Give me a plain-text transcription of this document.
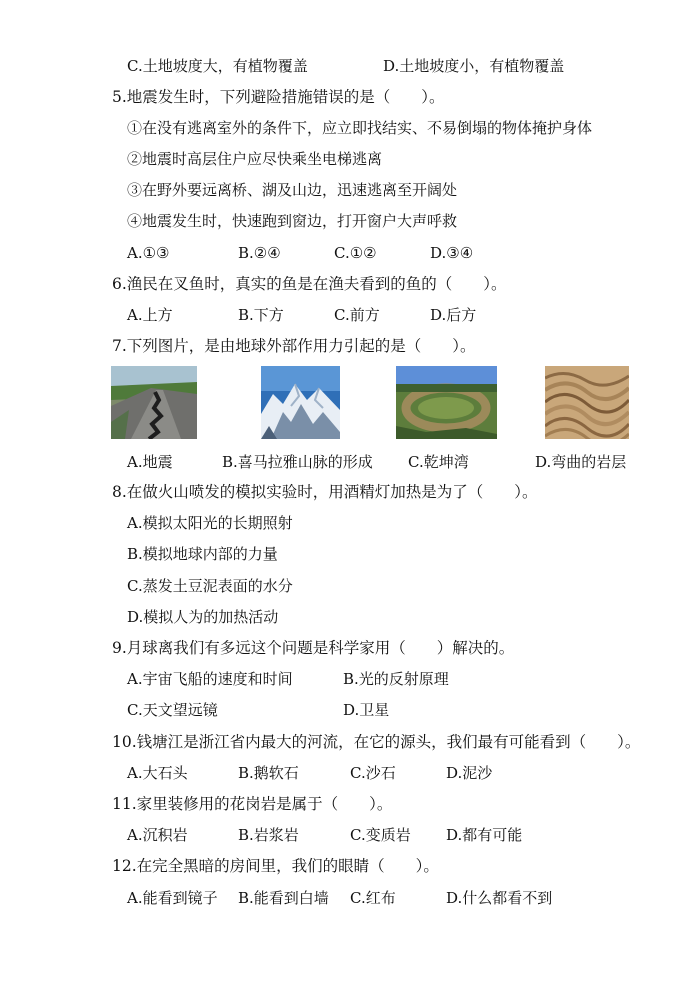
C.土地坡度大，有植物覆盖	D.土地坡度小，有植物覆盖
5.地震发生时，下列避险措施错误的是（　　）。
①在没有逃离室外的条件下，应立即找结实、不易倒塌的物体掩护身体
②地震时高层住户应尽快乘坐电梯逃离
③在野外要远离桥、湖及山边，迅速逃离至开阔处
④地震发生时，快速跑到窗边，打开窗户大声呼救
A.①③	B.②④	C.①②	D.③④
6.渔民在叉鱼时，真实的鱼是在渔夫看到的鱼的（　　）。
A.上方	B.下方	C.前方	D.后方
7.下列图片，是由地球外部作用力引起的是（　　）。
A.地震	B.喜马拉雅山脉的形成 C.乾坤湾	D.弯曲的岩层
8.在做火山喷发的模拟实验时，用酒精灯加热是为了（　　）。
A.模拟太阳光的长期照射
B.模拟地球内部的力量
C.蒸发土豆泥表面的水分
D.模拟人为的加热活动
9.月球离我们有多远这个问题是科学家用（　　）解决的。
A.宇宙飞船的速度和时间	B.光的反射原理
C.天文望远镜	D.卫星
10.钱塘江是浙江省内最大的河流，在它的源头，我们最有可能看到（　　）。
A.大石头	B.鹅软石	C.沙石	D.泥沙
11.家里装修用的花岗岩是属于（　　）。
A.沉积岩	B.岩浆岩	C.变质岩 D.都有可能
12.在完全黑暗的房间里，我们的眼睛（　　）。
A.能看到镜子 B.能看到白墙 C.红布	D.什么都看不到
